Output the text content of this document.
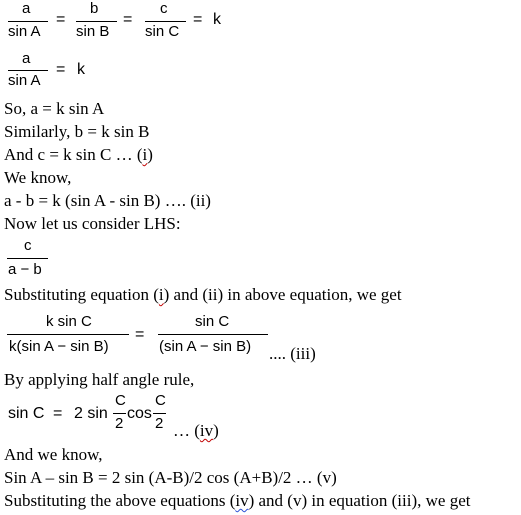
a
sin A
=
b
sin B
=
c
sin C
= k
a
sin A
= k
So, a = k sin A
Similarly, b = k sin B
And c = k sin C … (i)
We know,
a - b = k (sin A - sin B) …. (ii)
Now let us consider LHS:
c
a − b
Substituting equation (i) and (ii) in above equation, we get
k sin C
k(sin A − sin B)
=
sin C
(sin A − sin B) .... (iii)
By applying half angle rule,
sin C = 2 sin
C
2
cos
C
2 … (iv)
And we know,
Sin A – sin B = 2 sin (A-B)/2 cos (A+B)/2 … (v)
Substituting the above equations (iv) and (v) in equation (iii), we get
